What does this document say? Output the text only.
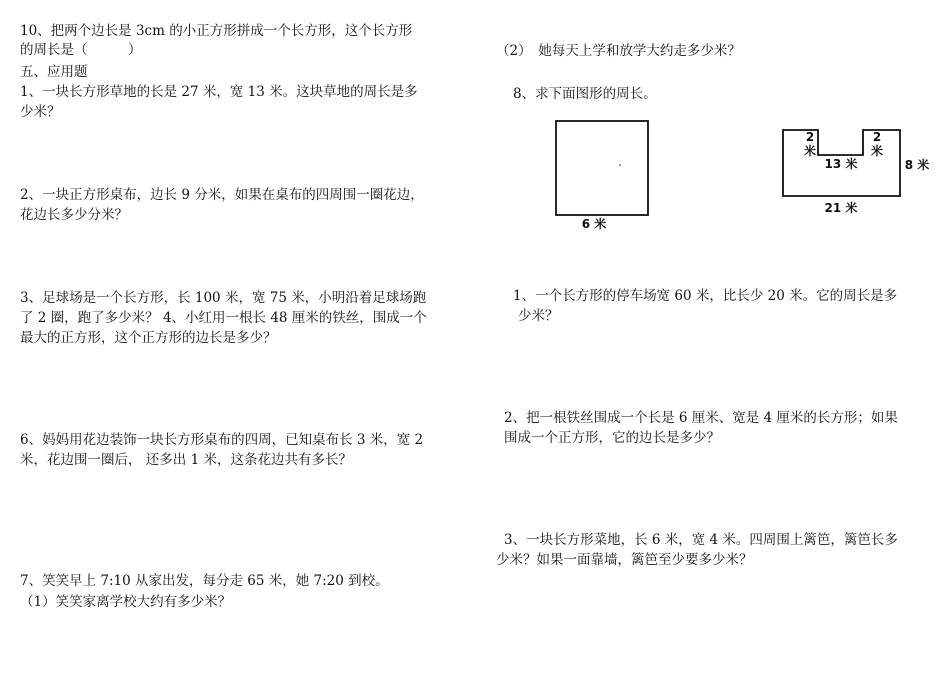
10、把两个边长是 3cm 的小正方形拼成一个长方形，这个长方形
的周长是（　　　）
五、应用题
1、一块长方形草地的长是 27 米，宽 13 米。这块草地的周长是多
少米？
2、一块正方形桌布，边长 9 分米，如果在桌布的四周围一圈花边，
花边长多少分米？
3、足球场是一个长方形，长 100 米，宽 75 米，小明沿着足球场跑
了 2 圈，跑了多少米？ 4、小红用一根长 48 厘米的铁丝，围成一个
最大的正方形，这个正方形的边长是多少？
6、妈妈用花边装饰一块长方形桌布的四周，已知桌布长 3 米，宽 2
米，花边围一圈后， 还多出 1 米，这条花边共有多长？
7、笑笑早上 7:10 从家出发，每分走 65 米，她 7:20 到校。
（1）笑笑家离学校大约有多少米？
（2）　她每天上学和放学大约走多少米？
8、求下面图形的周长。
6 米
2
米
2
米
13 米	8 米
21 米
1、一个长方形的停车场宽 60 米，比长少 20 米。它的周长是多
少米？
2、把一根铁丝围成一个长是 6 厘米、宽是 4 厘米的长方形；如果
围成一个正方形，它的边长是多少？
3、一块长方形菜地，长 6 米，宽 4 米。四周围上篱笆，篱笆长多
少米？如果一面靠墙，篱笆至少要多少米？
